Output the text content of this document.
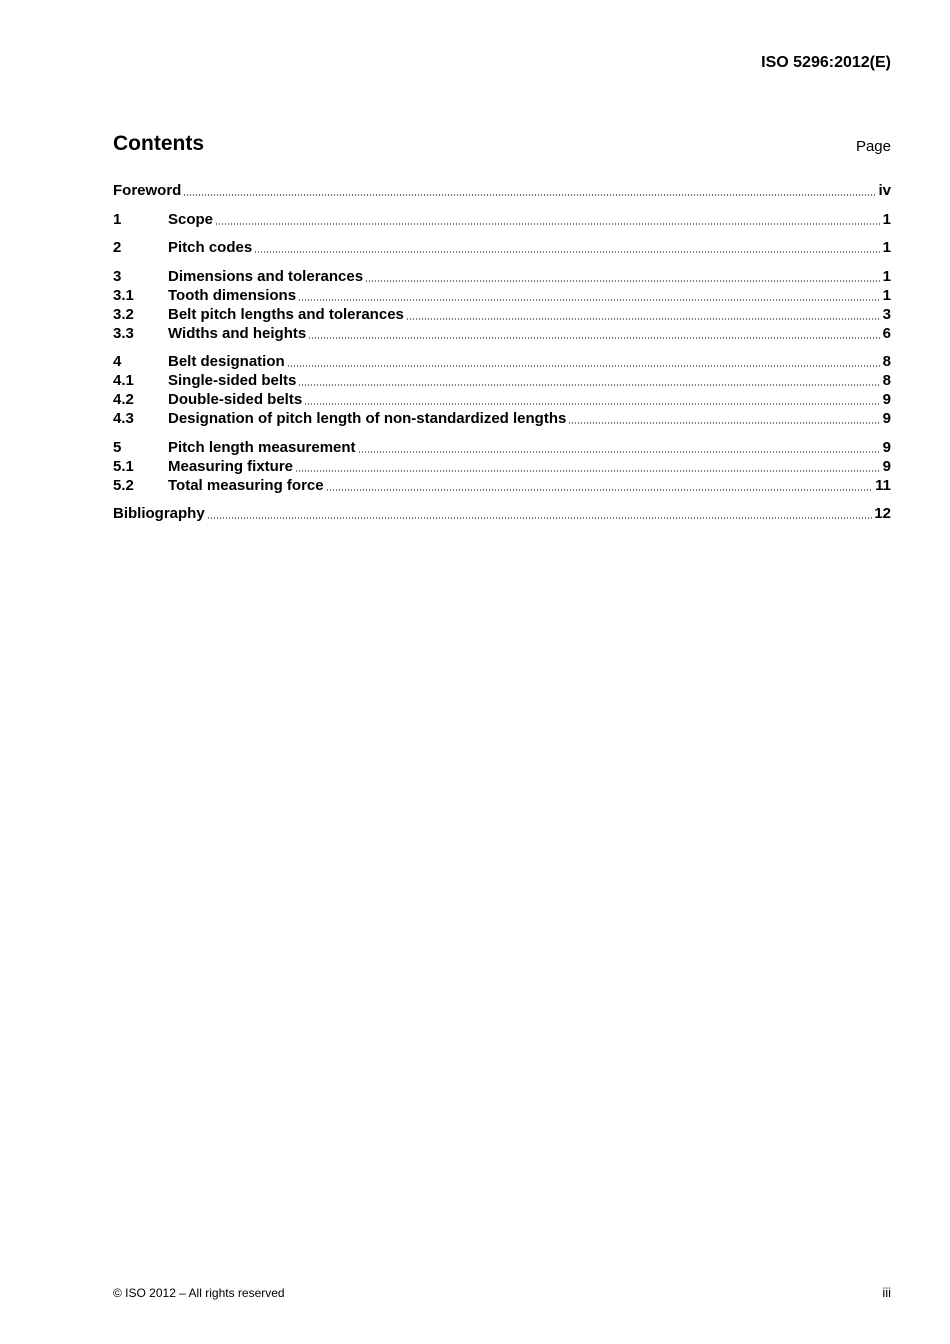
ISO 5296:2012(E)
Contents	Page
Foreword	iv
1	Scope	1
2	Pitch codes	1
3	Dimensions and tolerances	1
3.1	Tooth dimensions	1
3.2	Belt pitch lengths and tolerances	3
3.3	Widths and heights	6
4	Belt designation	8
4.1	Single-sided belts	8
4.2	Double-sided belts	9
4.3	Designation of pitch length of non-standardized lengths	9
5	Pitch length measurement	9
5.1	Measuring fixture	9
5.2	Total measuring force	11
Bibliography	12
© ISO 2012 – All rights reserved	iii
